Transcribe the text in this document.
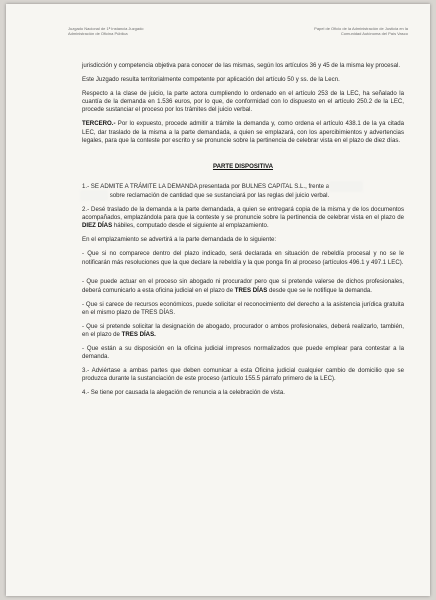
Juzgado Nacional de 1ª Instancia Juzgado
Administración de Oficina Pública
Papel de Oficio de la Administración de Justicia en la
Comunidad Autónoma del País Vasco

jurisdicción y competencia objetiva para conocer de las mismas, según los artículos 36 y 45 de la misma ley procesal.

Este Juzgado resulta territorialmente competente por aplicación del artículo 50 y ss. de la Lecn.

Respecto a la clase de juicio, la parte actora cumpliendo lo ordenado en el artículo 253 de la LEC, ha señalado la cuantía de la demanda en 1.536 euros, por lo que, de conformidad con lo dispuesto en el artículo 250.2 de la LEC, procede sustanciar el proceso por los trámites del juicio verbal.

TERCERO.- Por lo expuesto, procede admitir a trámite la demanda y, como ordena el artículo 438.1 de la ya citada LEC, dar traslado de la misma a la parte demandada, a quien se emplazará, con los apercibimientos y advertencias legales, para que la conteste por escrito y se pronuncie sobre la pertinencia de celebrar vista en el plazo de diez días.

PARTE DISPOSITIVA

1.- SE ADMITE A TRÁMITE LA DEMANDA presentada por BULNES CAPITAL S.L., frente a
sobre reclamación de cantidad que se sustanciará por las reglas del juicio verbal.

2.- Desé traslado de la demanda a la parte demandada, a quien se entregará copia de la misma y de los documentos acompañados, emplazándola para que la conteste y se pronuncie sobre la pertinencia de celebrar vista en el plazo de DIEZ DÍAS hábiles, computado desde el siguiente al emplazamiento.

En el emplazamiento se advertirá a la parte demandada de lo siguiente:

- Que si no comparece dentro del plazo indicado, será declarada en situación de rebeldía procesal y no se le notificarán más resoluciones que la que declare la rebeldía y la que ponga fin al proceso (artículos 496.1 y 497.1 LEC).

- Que puede actuar en el proceso sin abogado ni procurador pero que si pretende valerse de dichos profesionales, deberá comunicarlo a esta oficina judicial en el plazo de TRES DÍAS desde que se le notifique la demanda.

- Que si carece de recursos económicos, puede solicitar el reconocimiento del derecho a la asistencia jurídica gratuita en el mismo plazo de TRES DÍAS.

- Que si pretende solicitar la designación de abogado, procurador o ambos profesionales, deberá realizarlo, también, en el plazo de TRES DÍAS.

- Que están a su disposición en la oficina judicial impresos normalizados que puede emplear para contestar a la demanda.

3.- Adviértase a ambas partes que deben comunicar a esta Oficina judicial cualquier cambio de domicilio que se produzca durante la sustanciación de este proceso (artículo 155.5 párrafo primero de la LEC).

4.- Se tiene por causada la alegación de renuncia a la celebración de vista.
